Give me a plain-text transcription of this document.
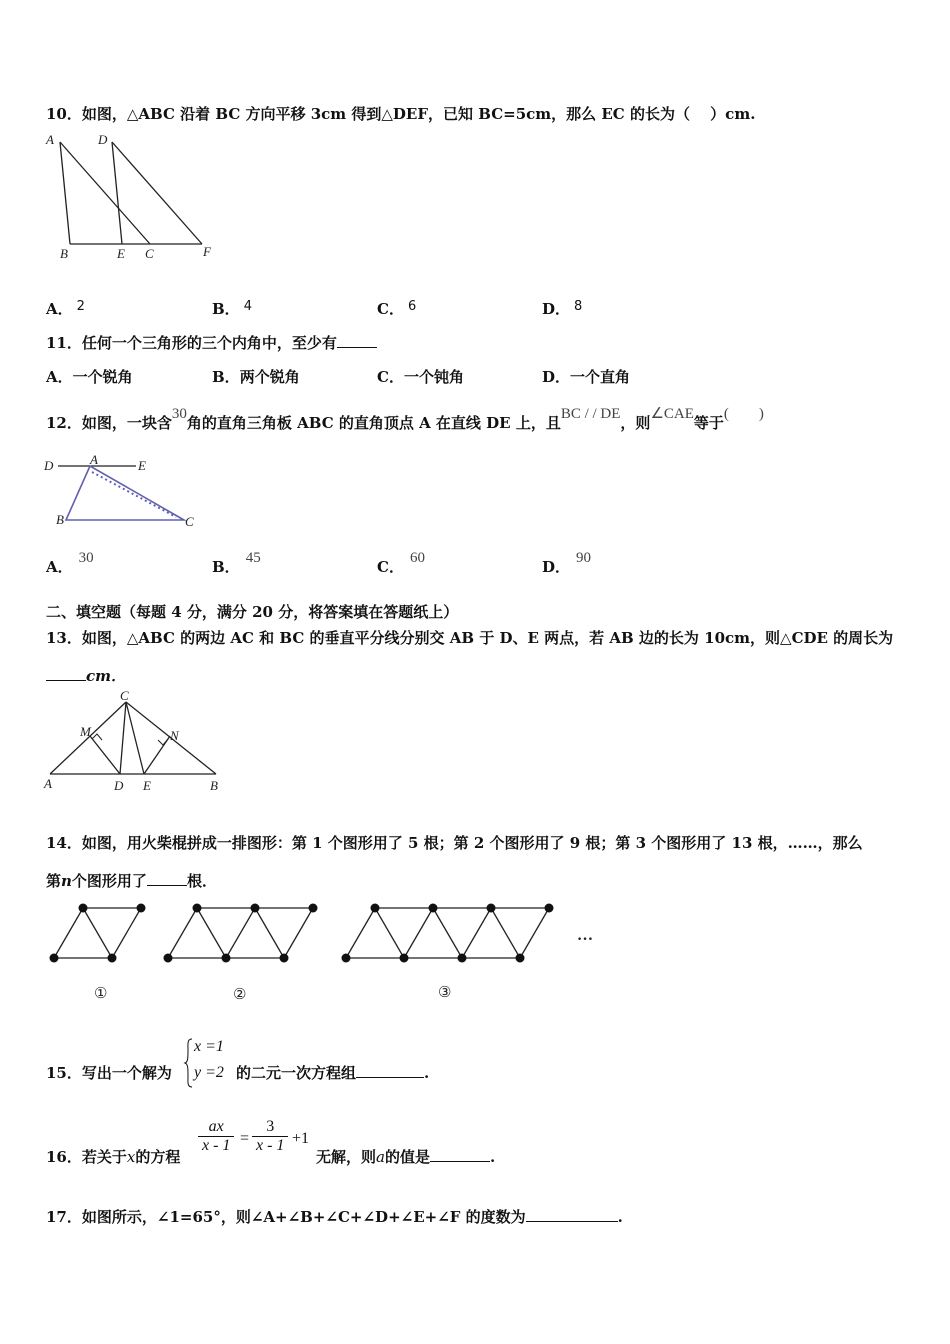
10．如图，△ABC 沿着 BC 方向平移 3cm 得到△DEF，已知 BC=5cm，那么 EC 的长为（　 ）cm.
A	D
B	E C	F
A． 2	B． 4	C． 6	D． 8
11．任何一个三角形的三个内角中，至少有
A．一个锐角	B．两个锐角	C．一个钝角	D．一个直角
12．如图，一块含30角的直角三角板 ABC 的直角顶点 A 在直线 DE 上，且BC / / DE，则∠CAE等于(　　)
D	A	E
B	C
A． 30	B． 45	C． 60	D． 90
二、填空题（每题 4 分，满分 20 分，将答案填在答题纸上）
13．如图，△ABC 的两边 AC 和 BC 的垂直平分线分别交 AB 于 D、E 两点，若 AB 边的长为 10cm，则△CDE 的周长为
cm．
C
M	N
A	D E	B
14．如图，用火柴棍拼成一排图形：第 1 个图形用了 5 根；第 2 个图形用了 9 根；第 3 个图形用了 13 根，……，那么
第n个图形用了	根．
①	②	③
…
15．写出一个解为
x =1
y =2 的二元一次方程组	.
16．若关于x的方程
$\frac{ax}{x - 1} = \frac{3}{x - 1} +1$
无解，则a的值是	.
17．如图所示，∠1=65°，则∠A+∠B+∠C+∠D+∠E+∠F 的度数为	.
